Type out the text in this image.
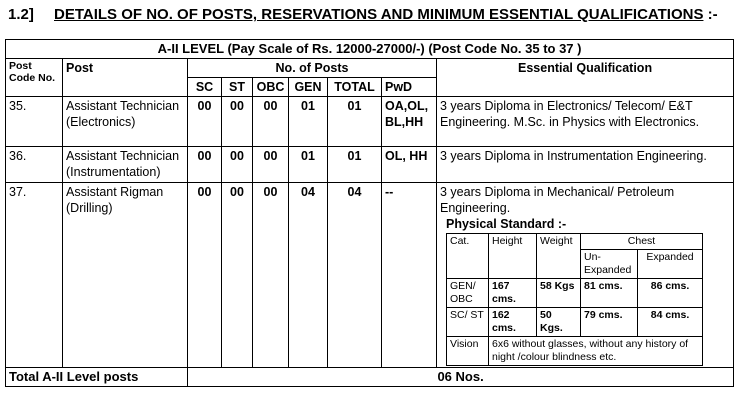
1.2] DETAILS OF NO. OF POSTS, RESERVATIONS AND MINIMUM ESSENTIAL QUALIFICATIONS :-
A-II LEVEL (Pay Scale of Rs. 12000-27000/-) (Post Code No. 35 to 37 )
Post Code No.	Post	No. of Posts	Essential Qualification
SC	ST	OBC	GEN	TOTAL	PwD
35.	Assistant Technician (Electronics)	00	00	00	01	01	OA,OL, BL,HH	3 years Diploma in Electronics/ Telecom/ E&T Engineering. M.Sc. in Physics with Electronics.
36.	Assistant Technician (Instrumentation)	00	00	00	01	01	OL, HH	3 years Diploma in Instrumentation Engineering.
37.	Assistant Rigman (Drilling)	00	00	00	04	04	--	3 years Diploma in Mechanical/ Petroleum Engineering.
Physical Standard :-
Cat.	Height	Weight	Chest
Un-Expanded	Expanded
GEN/ OBC	167 cms.	58 Kgs	81 cms.	86 cms.
SC/ ST	162 cms.	50 Kgs.	79 cms.	84 cms.
Vision	6x6 without glasses, without any history of night /colour blindness etc.

Total A-II Level posts	06 Nos.
